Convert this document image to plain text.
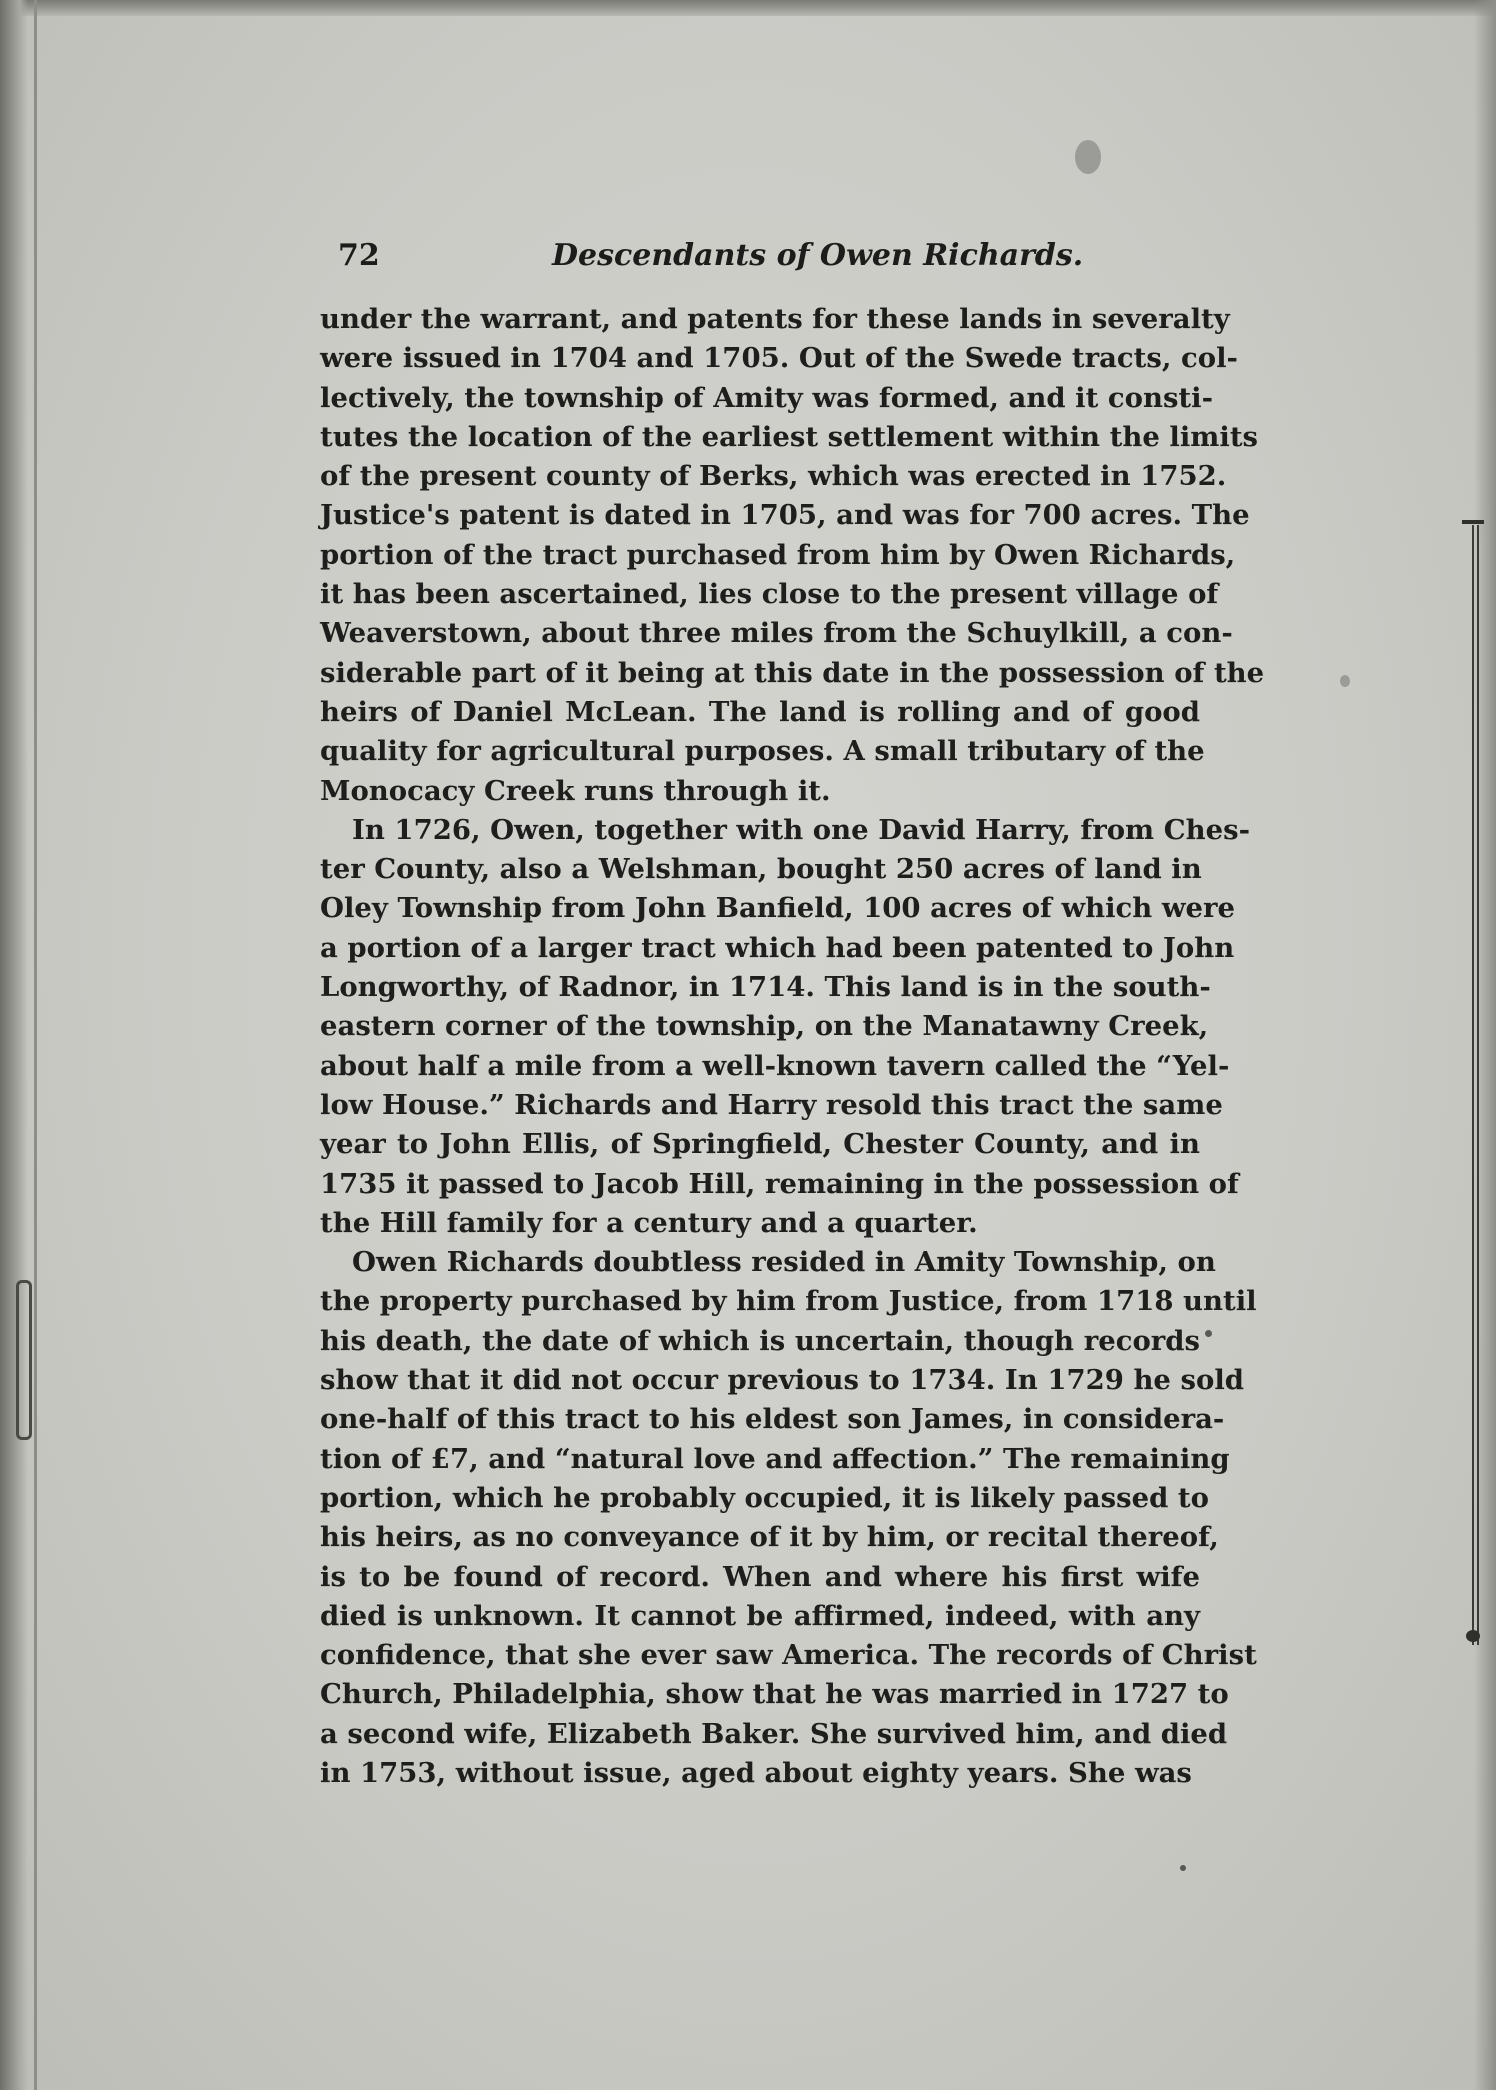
72	Descendants of Owen Richards.
under the warrant, and patents for these lands in severalty
were issued in 1704 and 1705. Out of the Swede tracts, col-
lectively, the township of Amity was formed, and it consti-
tutes the location of the earliest settlement within the limits
of the present county of Berks, which was erected in 1752.
Justice's patent is dated in 1705, and was for 700 acres. The
portion of the tract purchased from him by Owen Richards,
it has been ascertained, lies close to the present village of
Weaverstown, about three miles from the Schuylkill, a con-
siderable part of it being at this date in the possession of the
heirs of Daniel McLean. The land is rolling and of good
quality for agricultural purposes. A small tributary of the
Monocacy Creek runs through it.
In 1726, Owen, together with one David Harry, from Ches-
ter County, also a Welshman, bought 250 acres of land in
Oley Township from John Banfield, 100 acres of which were
a portion of a larger tract which had been patented to John
Longworthy, of Radnor, in 1714. This land is in the south-
eastern corner of the township, on the Manatawny Creek,
about half a mile from a well-known tavern called the “Yel-
low House.” Richards and Harry resold this tract the same
year to John Ellis, of Springfield, Chester County, and in
1735 it passed to Jacob Hill, remaining in the possession of
the Hill family for a century and a quarter.
Owen Richards doubtless resided in Amity Township, on
the property purchased by him from Justice, from 1718 until
his death, the date of which is uncertain, though records
show that it did not occur previous to 1734. In 1729 he sold
one-half of this tract to his eldest son James, in considera-
tion of £7, and “natural love and affection.” The remaining
portion, which he probably occupied, it is likely passed to
his heirs, as no conveyance of it by him, or recital thereof,
is to be found of record. When and where his first wife
died is unknown. It cannot be affirmed, indeed, with any
confidence, that she ever saw America. The records of Christ
Church, Philadelphia, show that he was married in 1727 to
a second wife, Elizabeth Baker. She survived him, and died
in 1753, without issue, aged about eighty years. She was
